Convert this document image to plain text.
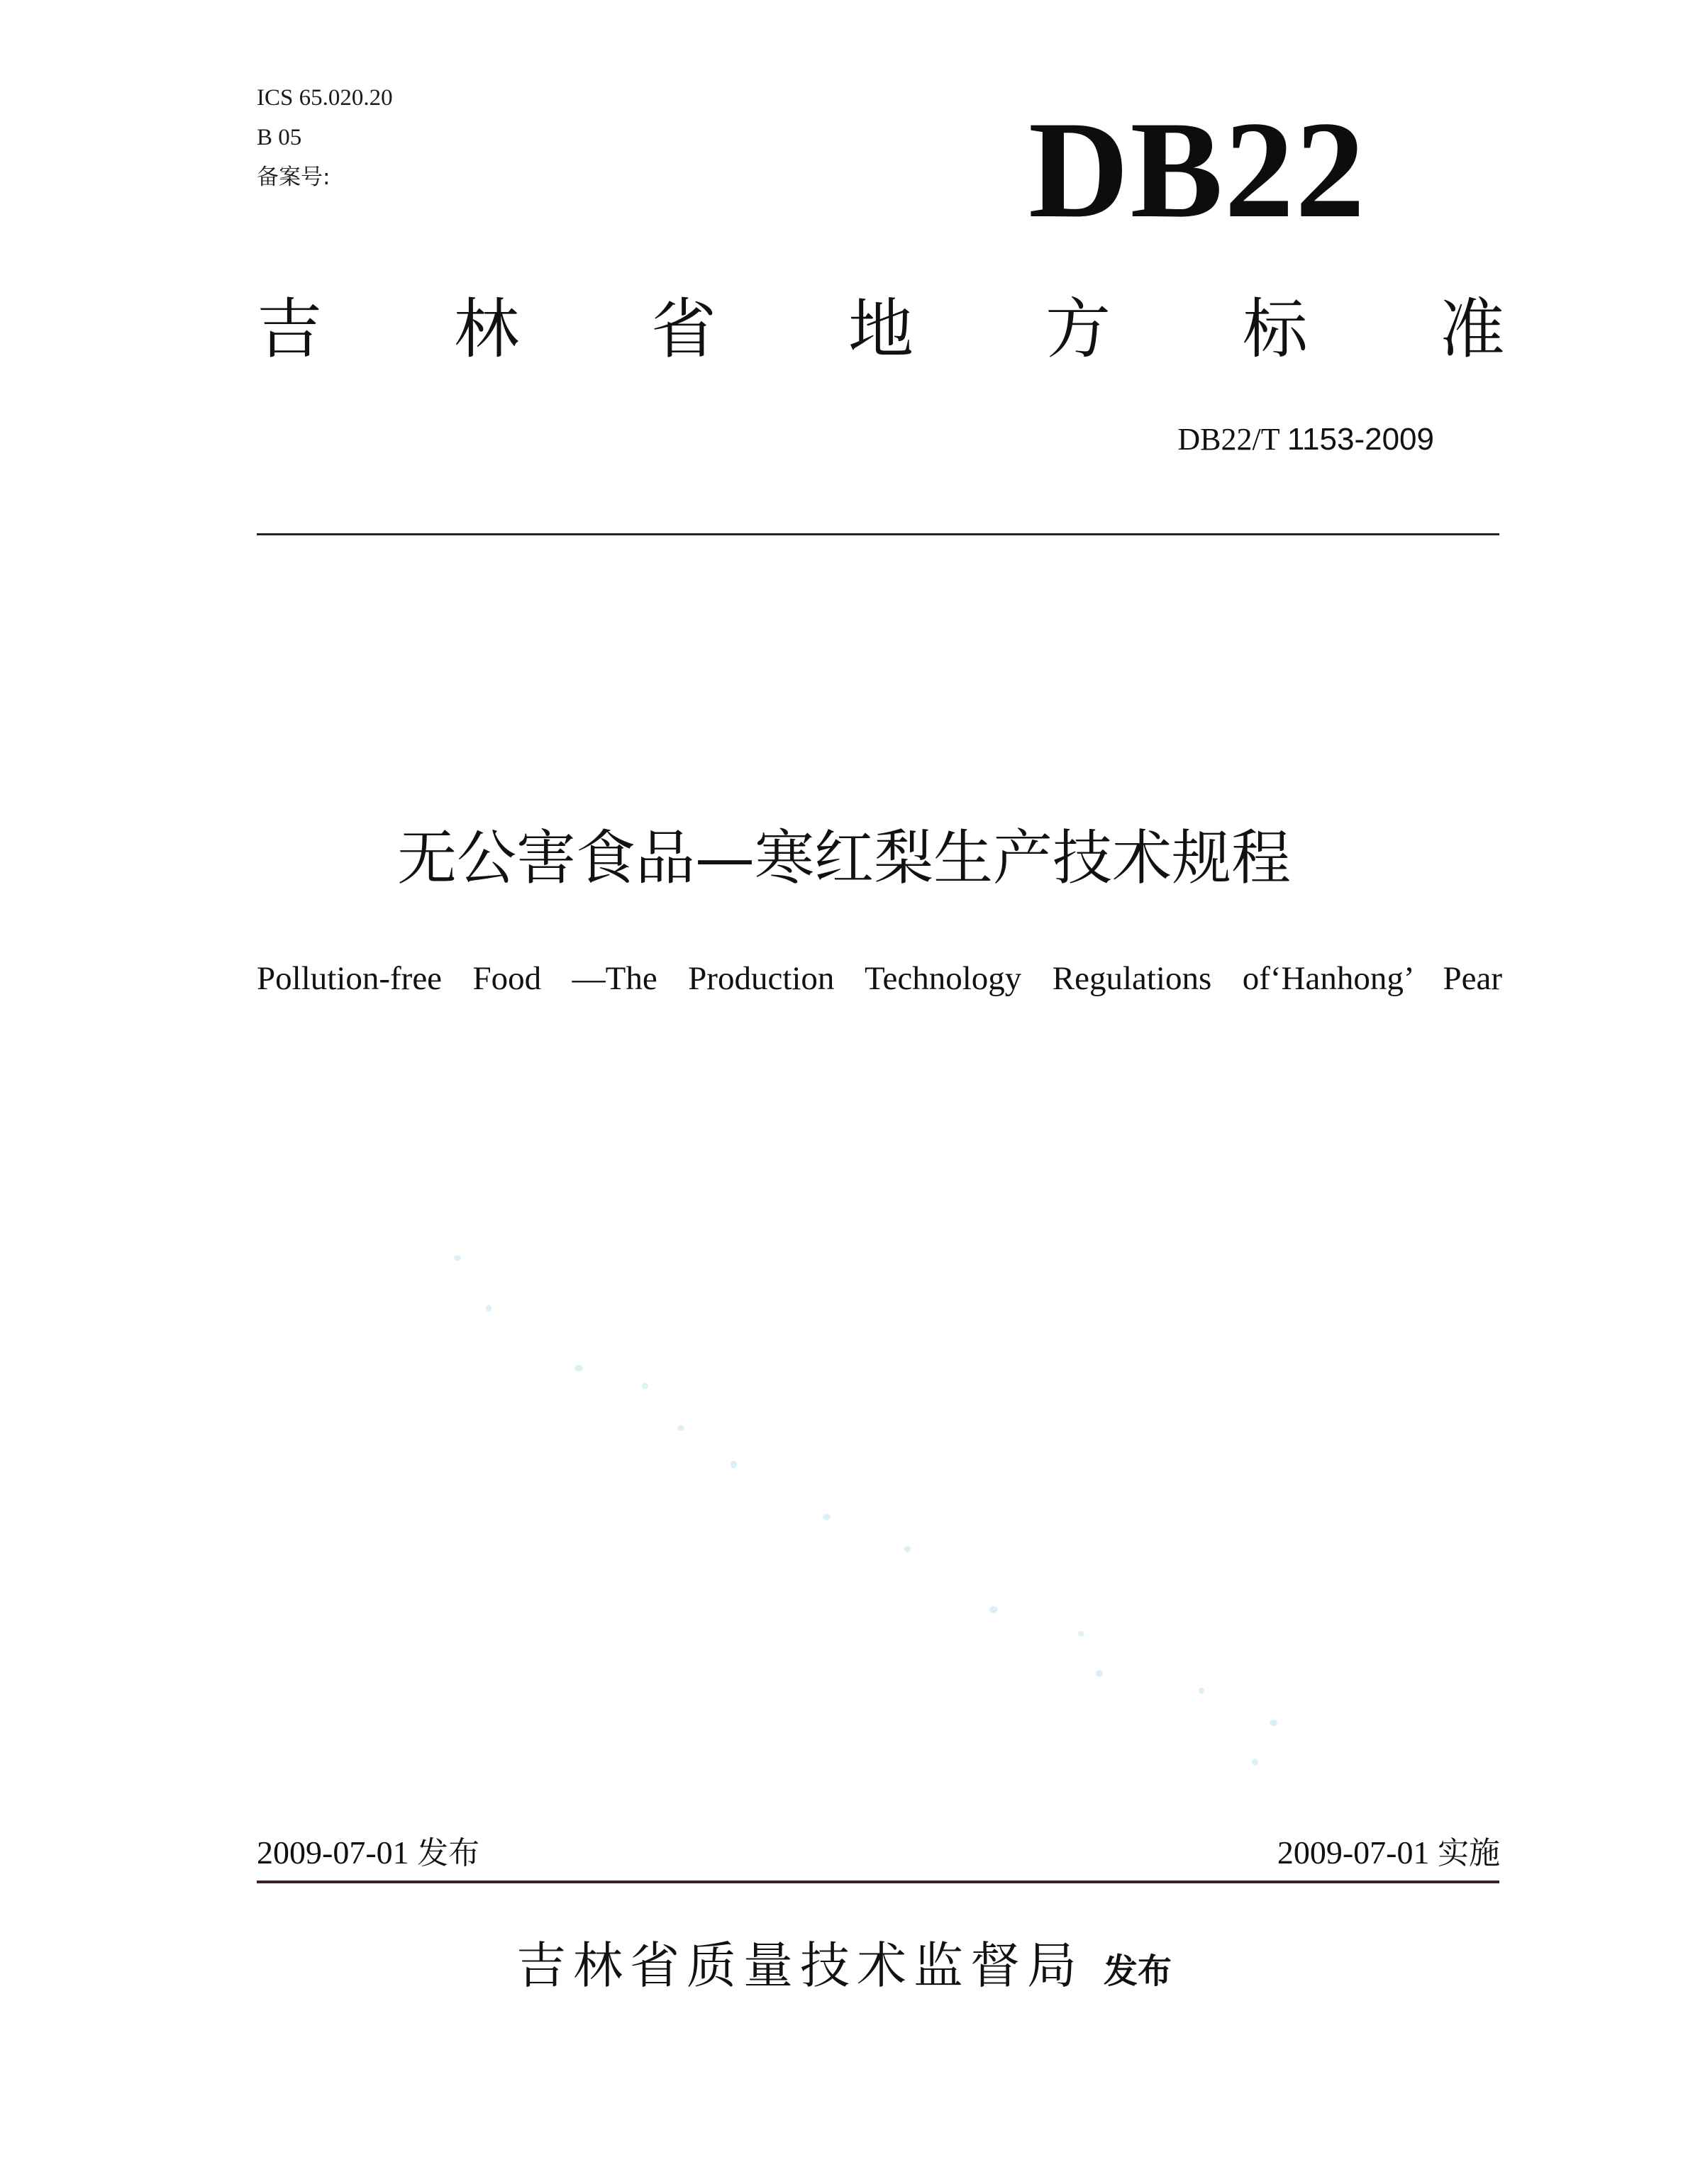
ICS 65.020.20
B 05
备案号:	DB22
吉 林 省 地 方 标 准
DB22/T 1153-2009
无公害食品—寒红梨生产技术规程
Pollution-free Food —The Production Technology Regulations of‘Hanhong’ Pear
2009-07-01 发布	2009-07-01 实施
吉林省质量技术监督局 发布
